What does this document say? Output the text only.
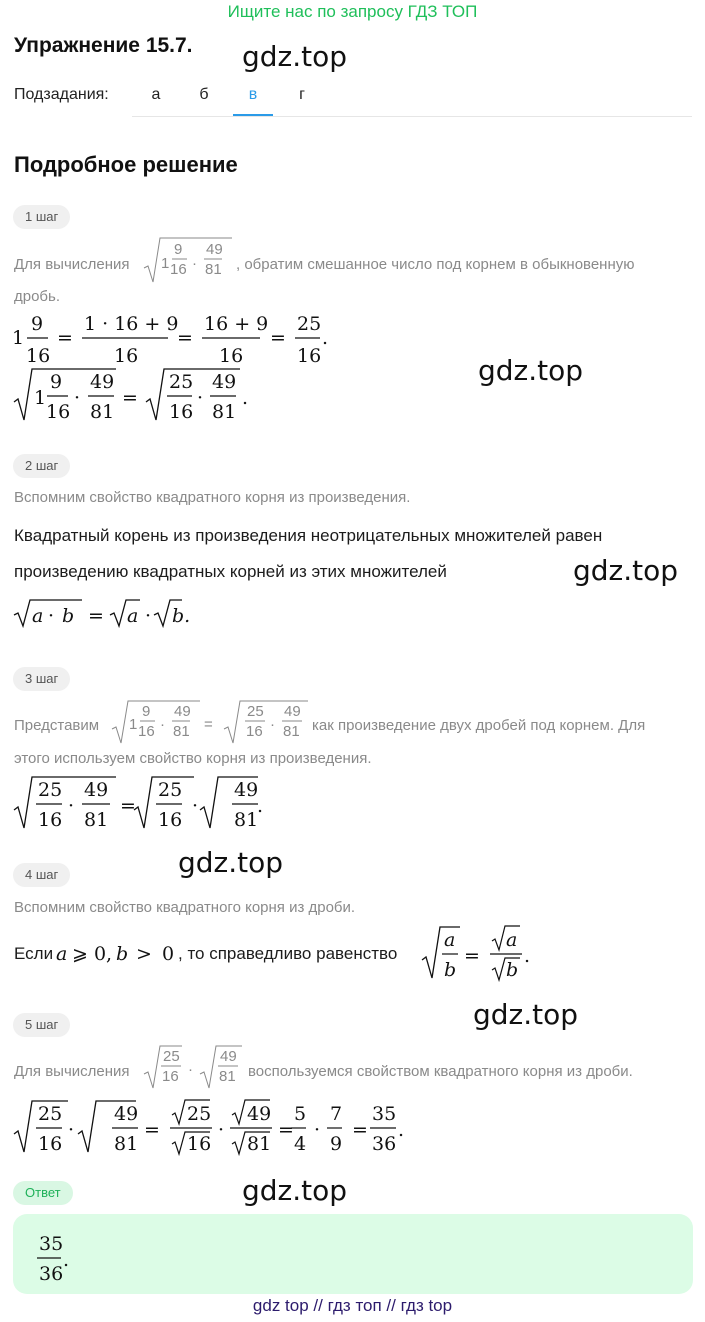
Ищите нас по запросу ГДЗ ТОП
Упражнение 15.7. gdz.top
Подзадания:	а	б	в	г
Подробное решение
1 шаг
Для вычисления 1
9
16 ·
49
81 , обратим смешанное число под корнем в обыкновенную
дробь.
1
9
16
=
1 · 16 + 9
16
=
16 + 9
16
=
25
16
.
gdz.top
1
9
16
·
49
81
=
25
16
·
49
81
.
2 шаг
Вспомним свойство квадратного корня из произведения.
Квадратный корень из произведения неотрицательных множителей равен
произведению квадратных корней из этих множителей	gdz.top
a · b = a · b.
3 шаг
Представим 1
9
16 ·
49
81 =
25
16 ·
49
81 как произведение двух дробей под корнем. Для
этого используем свойство корня из произведения.
25
16
·
49
81
=
25
16
·
49
81
.
gdz.top
4 шаг
Вспомним свойство квадратного корня из дроби.
Если a ⩾ 0, b > 0 , то справедливо равенство
a
b
=
a
b
.
gdz.top
5 шаг
Для вычисления
25
16 ·
49
81 воспользуемся свойством квадратного корня из дроби.
25
16
·
49
81
=
25
16
·
49
81
=
5
4
·
7
9
=
35
36
.
Ответ	gdz.top
35
36
.
gdz top // гдз топ // гдз top
